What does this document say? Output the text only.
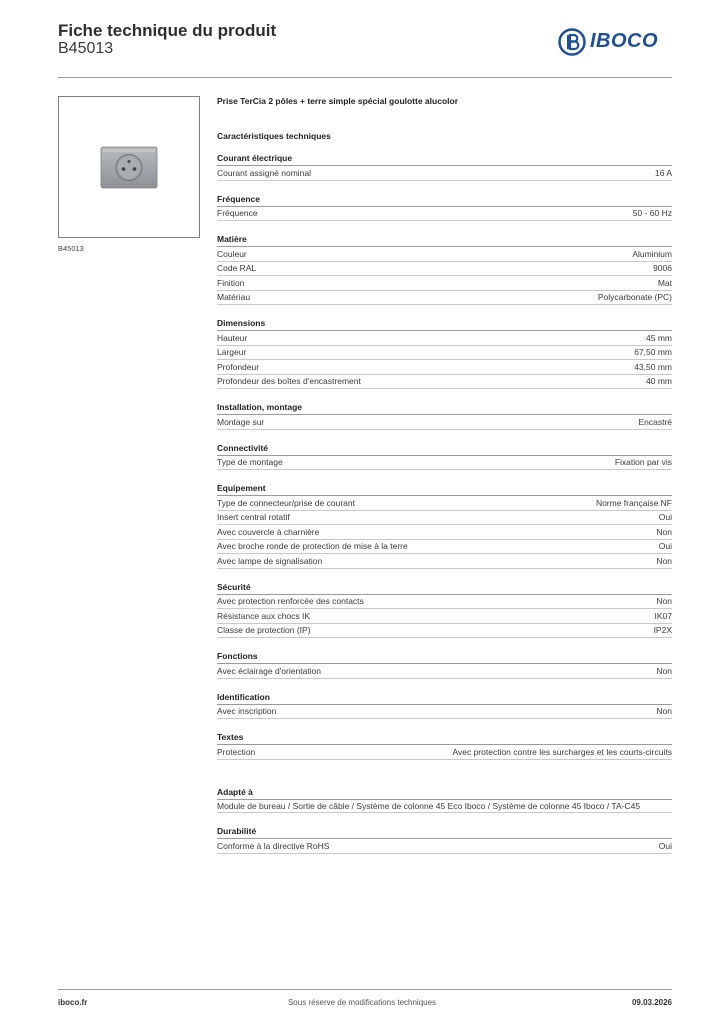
Fiche technique du produit
B45013	IBOCO
B45013
Prise TerCia 2 pôles + terre simple spécial goulotte alucolor
Caractéristiques techniques
Courant électrique
Courant assigné nominal	16 A
Fréquence
Fréquence	50 - 60 Hz
Matière
Couleur	Aluminium
Code RAL	9006
Finition	Mat
Matériau	Polycarbonate (PC)
Dimensions
Hauteur	45 mm
Largeur	67,50 mm
Profondeur	43,50 mm
Profondeur des boîtes d'encastrement	40 mm
Installation, montage
Montage sur	Encastré
Connectivité
Type de montage	Fixation par vis
Equipement
Type de connecteur/prise de courant	Norme française NF
Insert central rotatif	Oui
Avec couvercle à charnière	Non
Avec broche ronde de protection de mise à la terre	Oui
Avec lampe de signalisation	Non
Sécurité
Avec protection renforcée des contacts	Non
Résistance aux chocs IK	IK07
Classe de protection (IP)	IP2X
Fonctions
Avec éclairage d'orientation	Non
Identification
Avec inscription	Non
Textes
Protection	Avec protection contre les surcharges et les courts-circuits
Adapté à
Module de bureau / Sortie de câble / Système de colonne 45 Eco Iboco / Système de colonne 45 Iboco / TA-C45
Durabilité
Conforme à la directive RoHS	Oui
Sous réserve de modifications techniques
iboco.fr	09.03.2026
